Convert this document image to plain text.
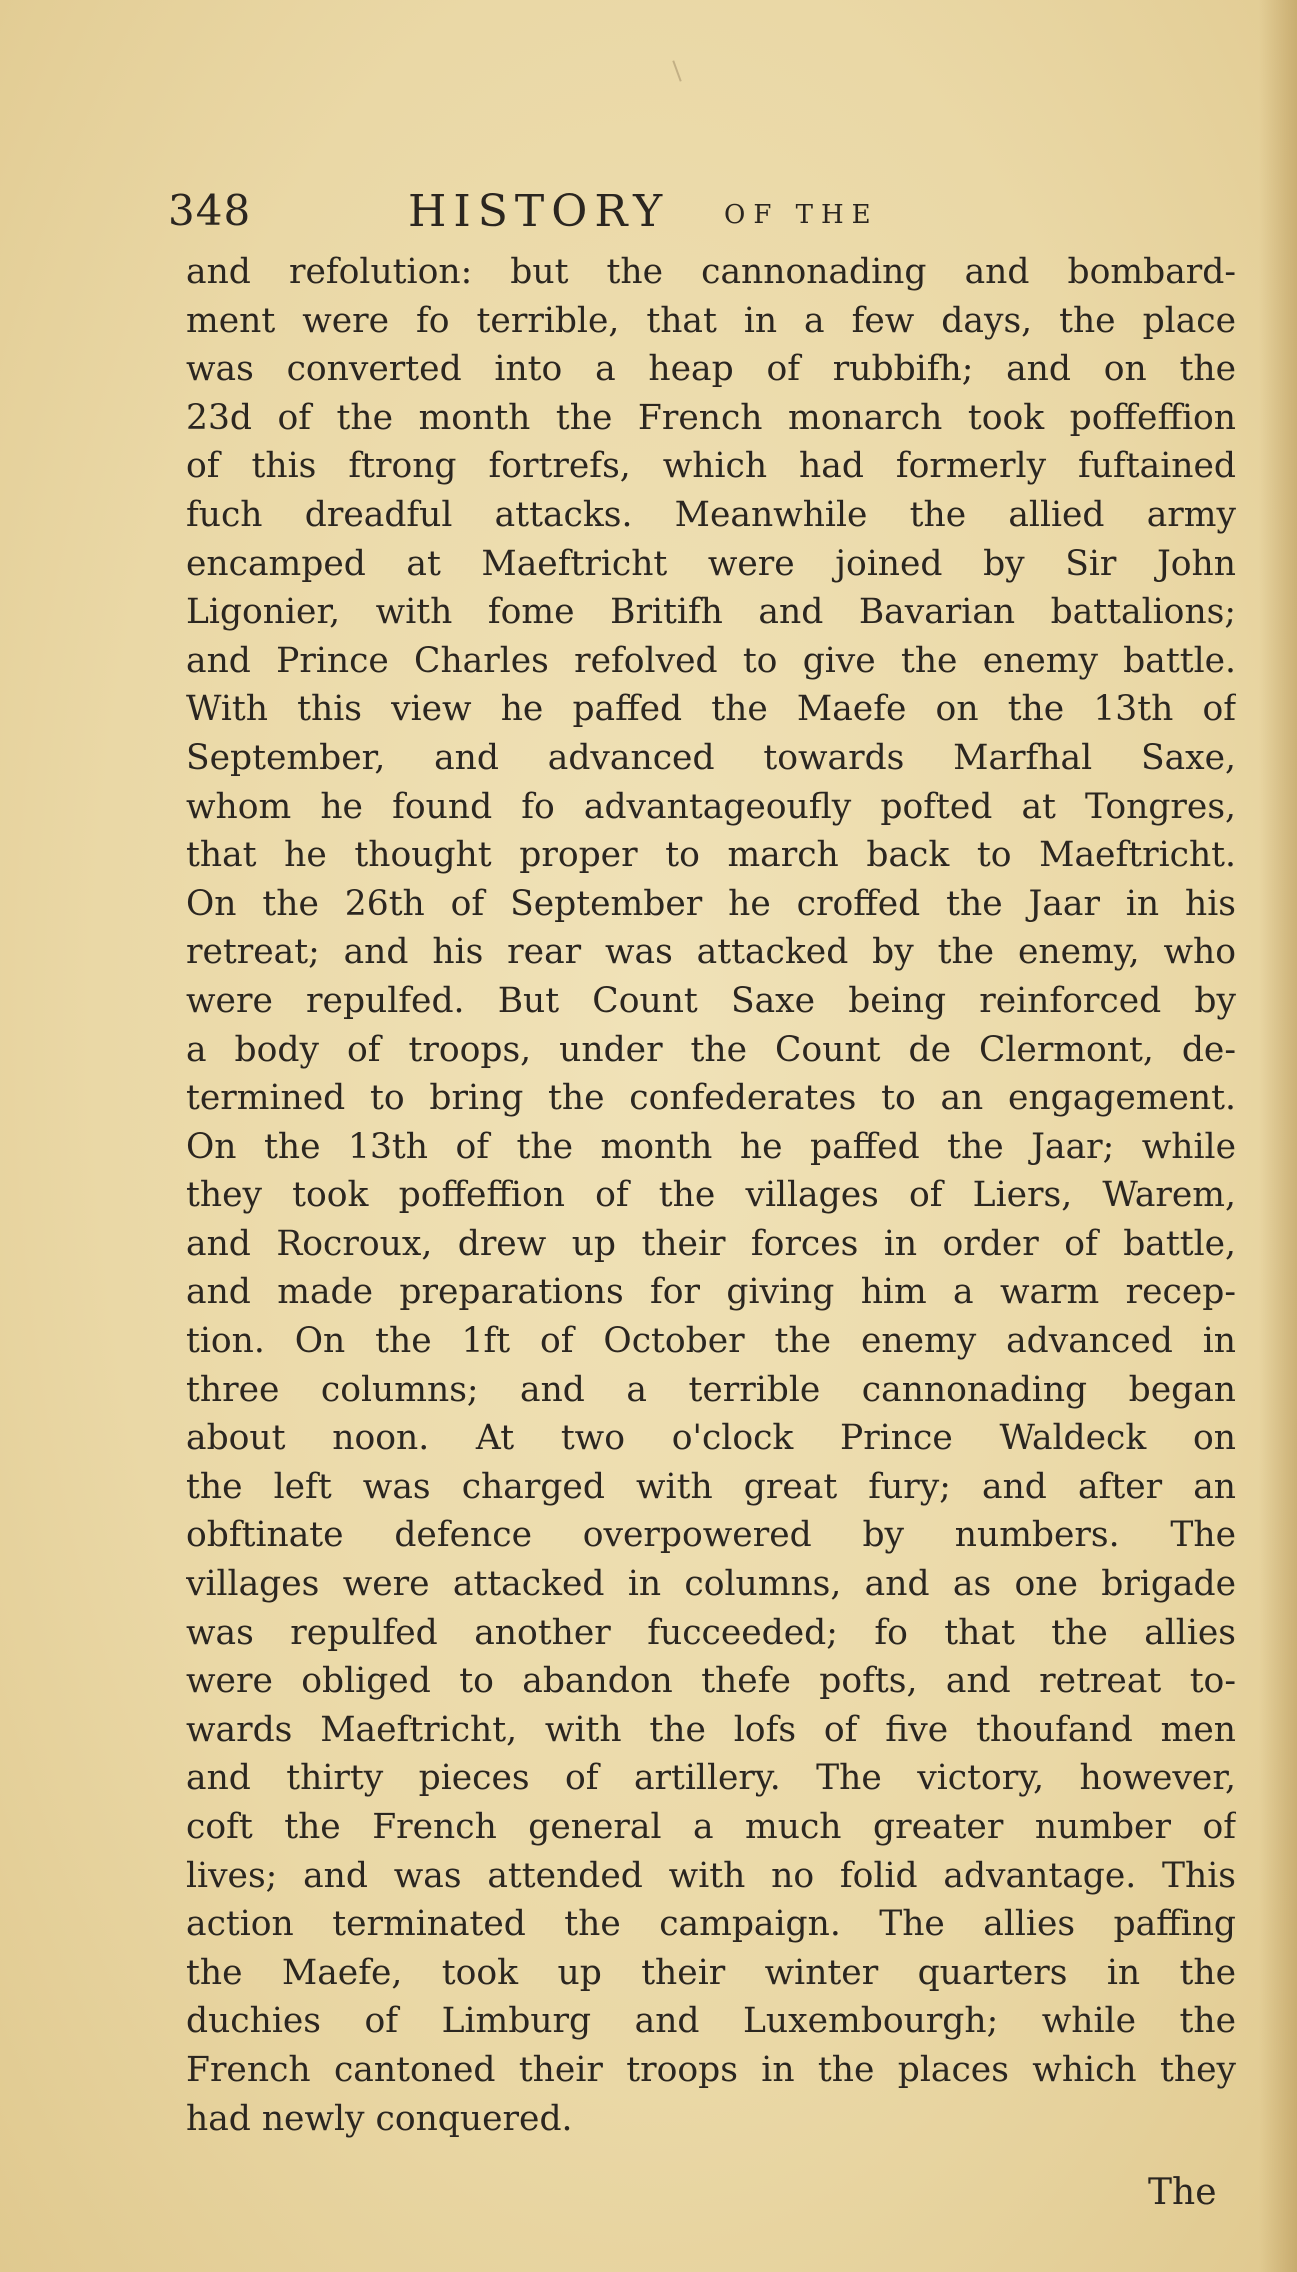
348	HISTORY OF THE
and refolution: but the cannonading and bombard-
ment were fo terrible, that in a few days, the place
was converted into a heap of rubbifh; and on the
23d of the month the French monarch took poffeffion
of this ftrong fortrefs, which had formerly fuftained
fuch dreadful attacks. Meanwhile the allied army
encamped at Maeftricht were joined by Sir John
Ligonier, with fome Britifh and Bavarian battalions;
and Prince Charles refolved to give the enemy battle.
With this view he paffed the Maefe on the 13th of
September, and advanced towards Marfhal Saxe,
whom he found fo advantageoufly pofted at Tongres,
that he thought proper to march back to Maeftricht.
On the 26th of September he croffed the Jaar in his
retreat; and his rear was attacked by the enemy, who
were repulfed. But Count Saxe being reinforced by
a body of troops, under the Count de Clermont, de-
termined to bring the confederates to an engagement.
On the 13th of the month he paffed the Jaar; while
they took poffeffion of the villages of Liers, Warem,
and Rocroux, drew up their forces in order of battle,
and made preparations for giving him a warm recep-
tion. On the 1ft of October the enemy advanced in
three columns; and a terrible cannonading began
about noon. At two o'clock Prince Waldeck on
the left was charged with great fury; and after an
obftinate defence overpowered by numbers. The
villages were attacked in columns, and as one brigade
was repulfed another fucceeded; fo that the allies
were obliged to abandon thefe pofts, and retreat to-
wards Maeftricht, with the lofs of five thoufand men
and thirty pieces of artillery. The victory, however,
coft the French general a much greater number of
lives; and was attended with no folid advantage. This
action terminated the campaign. The allies paffing
the Maefe, took up their winter quarters in the
duchies of Limburg and Luxembourgh; while the
French cantoned their troops in the places which they
had newly conquered.
The
